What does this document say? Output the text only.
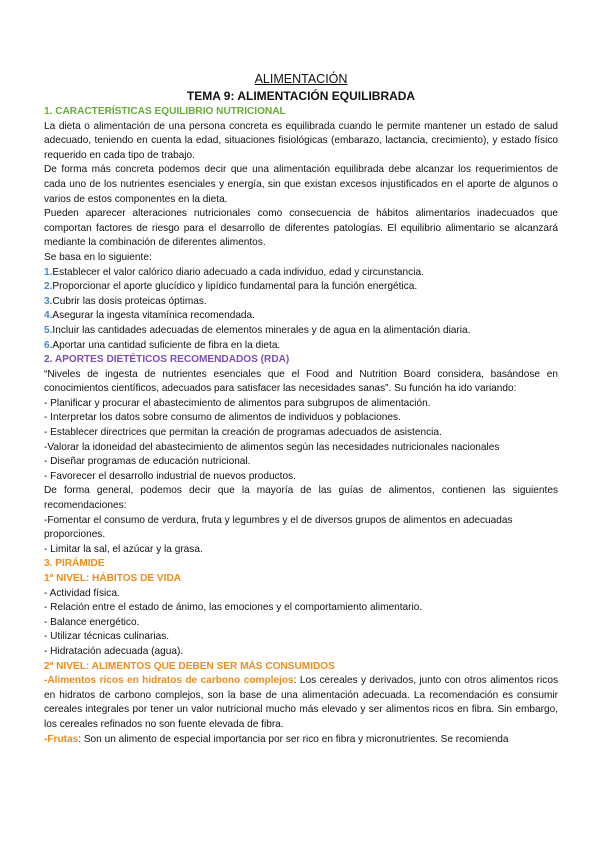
ALIMENTACIÓN
TEMA 9: ALIMENTACIÓN EQUILIBRADA
1. CARACTERÍSTICAS EQUILIBRIO NUTRICIONAL

La dieta o alimentación de una persona concreta es equilibrada cuando le permite mantener un estado de salud adecuado, teniendo en cuenta la edad, situaciones fisiológicas (embarazo, lactancia, crecimiento), y estado físico requerido en cada tipo de trabajo.

De forma más concreta podemos decir que una alimentación equilibrada debe alcanzar los requerimientos de cada uno de los nutrientes esenciales y energía, sin que existan excesos injustificados en el aporte de algunos o varios de estos componentes en la dieta.

Pueden aparecer alteraciones nutricionales como consecuencia de hábitos alimentarios inadecuados que comportan factores de riesgo para el desarrollo de diferentes patologías. El equilibrio alimentario se alcanzará mediante la combinación de diferentes alimentos.

Se basa en lo siguiente:

1.Establecer el valor calórico diario adecuado a cada individuo, edad y circunstancia.

2.Proporcionar el aporte glucídico y lipídico fundamental para la función energética.

3.Cubrir las dosis proteicas óptimas.

4.Asegurar la ingesta vitamínica recomendada.

5.Incluir las cantidades adecuadas de elementos minerales y de agua en la alimentación diaria.

6.Aportar una cantidad suficiente de fibra en la dieta.

2. APORTES DIETÉTICOS RECOMENDADOS (RDA)

“Niveles de ingesta de nutrientes esenciales que el Food and Nutrition Board considera, basándose en conocimientos científicos, adecuados para satisfacer las necesidades sanas”. Su función ha ido variando:

- Planificar y procurar el abastecimiento de alimentos para subgrupos de alimentación.

- Interpretar los datos sobre consumo de alimentos de individuos y poblaciones.

- Establecer directrices que permitan la creación de programas adecuados de asistencia.

-Valorar la idoneidad del abastecimiento de alimentos según las necesidades nutricionales nacionales

- Diseñar programas de educación nutricional.

- Favorecer el desarrollo industrial de nuevos productos.

De forma general, podemos decir que la mayoría de las guías de alimentos, contienen las siguientes recomendaciones:

-Fomentar el consumo de verdura, fruta y legumbres y el de diversos grupos de alimentos en adecuadas proporciones.

- Limitar la sal, el azúcar y la grasa.

3. PIRÁMIDE
1ª NIVEL: HÁBITOS DE VIDA

- Actividad física.

- Relación entre el estado de ánimo, las emociones y el comportamiento alimentario.

- Balance energético.

- Utilizar técnicas culinarias.

- Hidratación adecuada (agua).

2ª NIVEL: ALIMENTOS QUE DEBEN SER MÁS CONSUMIDOS

-Alimentos ricos en hidratos de carbono complejos: Los cereales y derivados, junto con otros alimentos ricos en hidratos de carbono complejos, son la base de una alimentación adecuada. La recomendación es consumir cereales integrales por tener un valor nutricional mucho más elevado y ser alimentos ricos en fibra. Sin embargo, los cereales refinados no son fuente elevada de fibra.

-Frutas: Son un alimento de especial importancia por ser rico en fibra y micronutrientes. Se recomienda
